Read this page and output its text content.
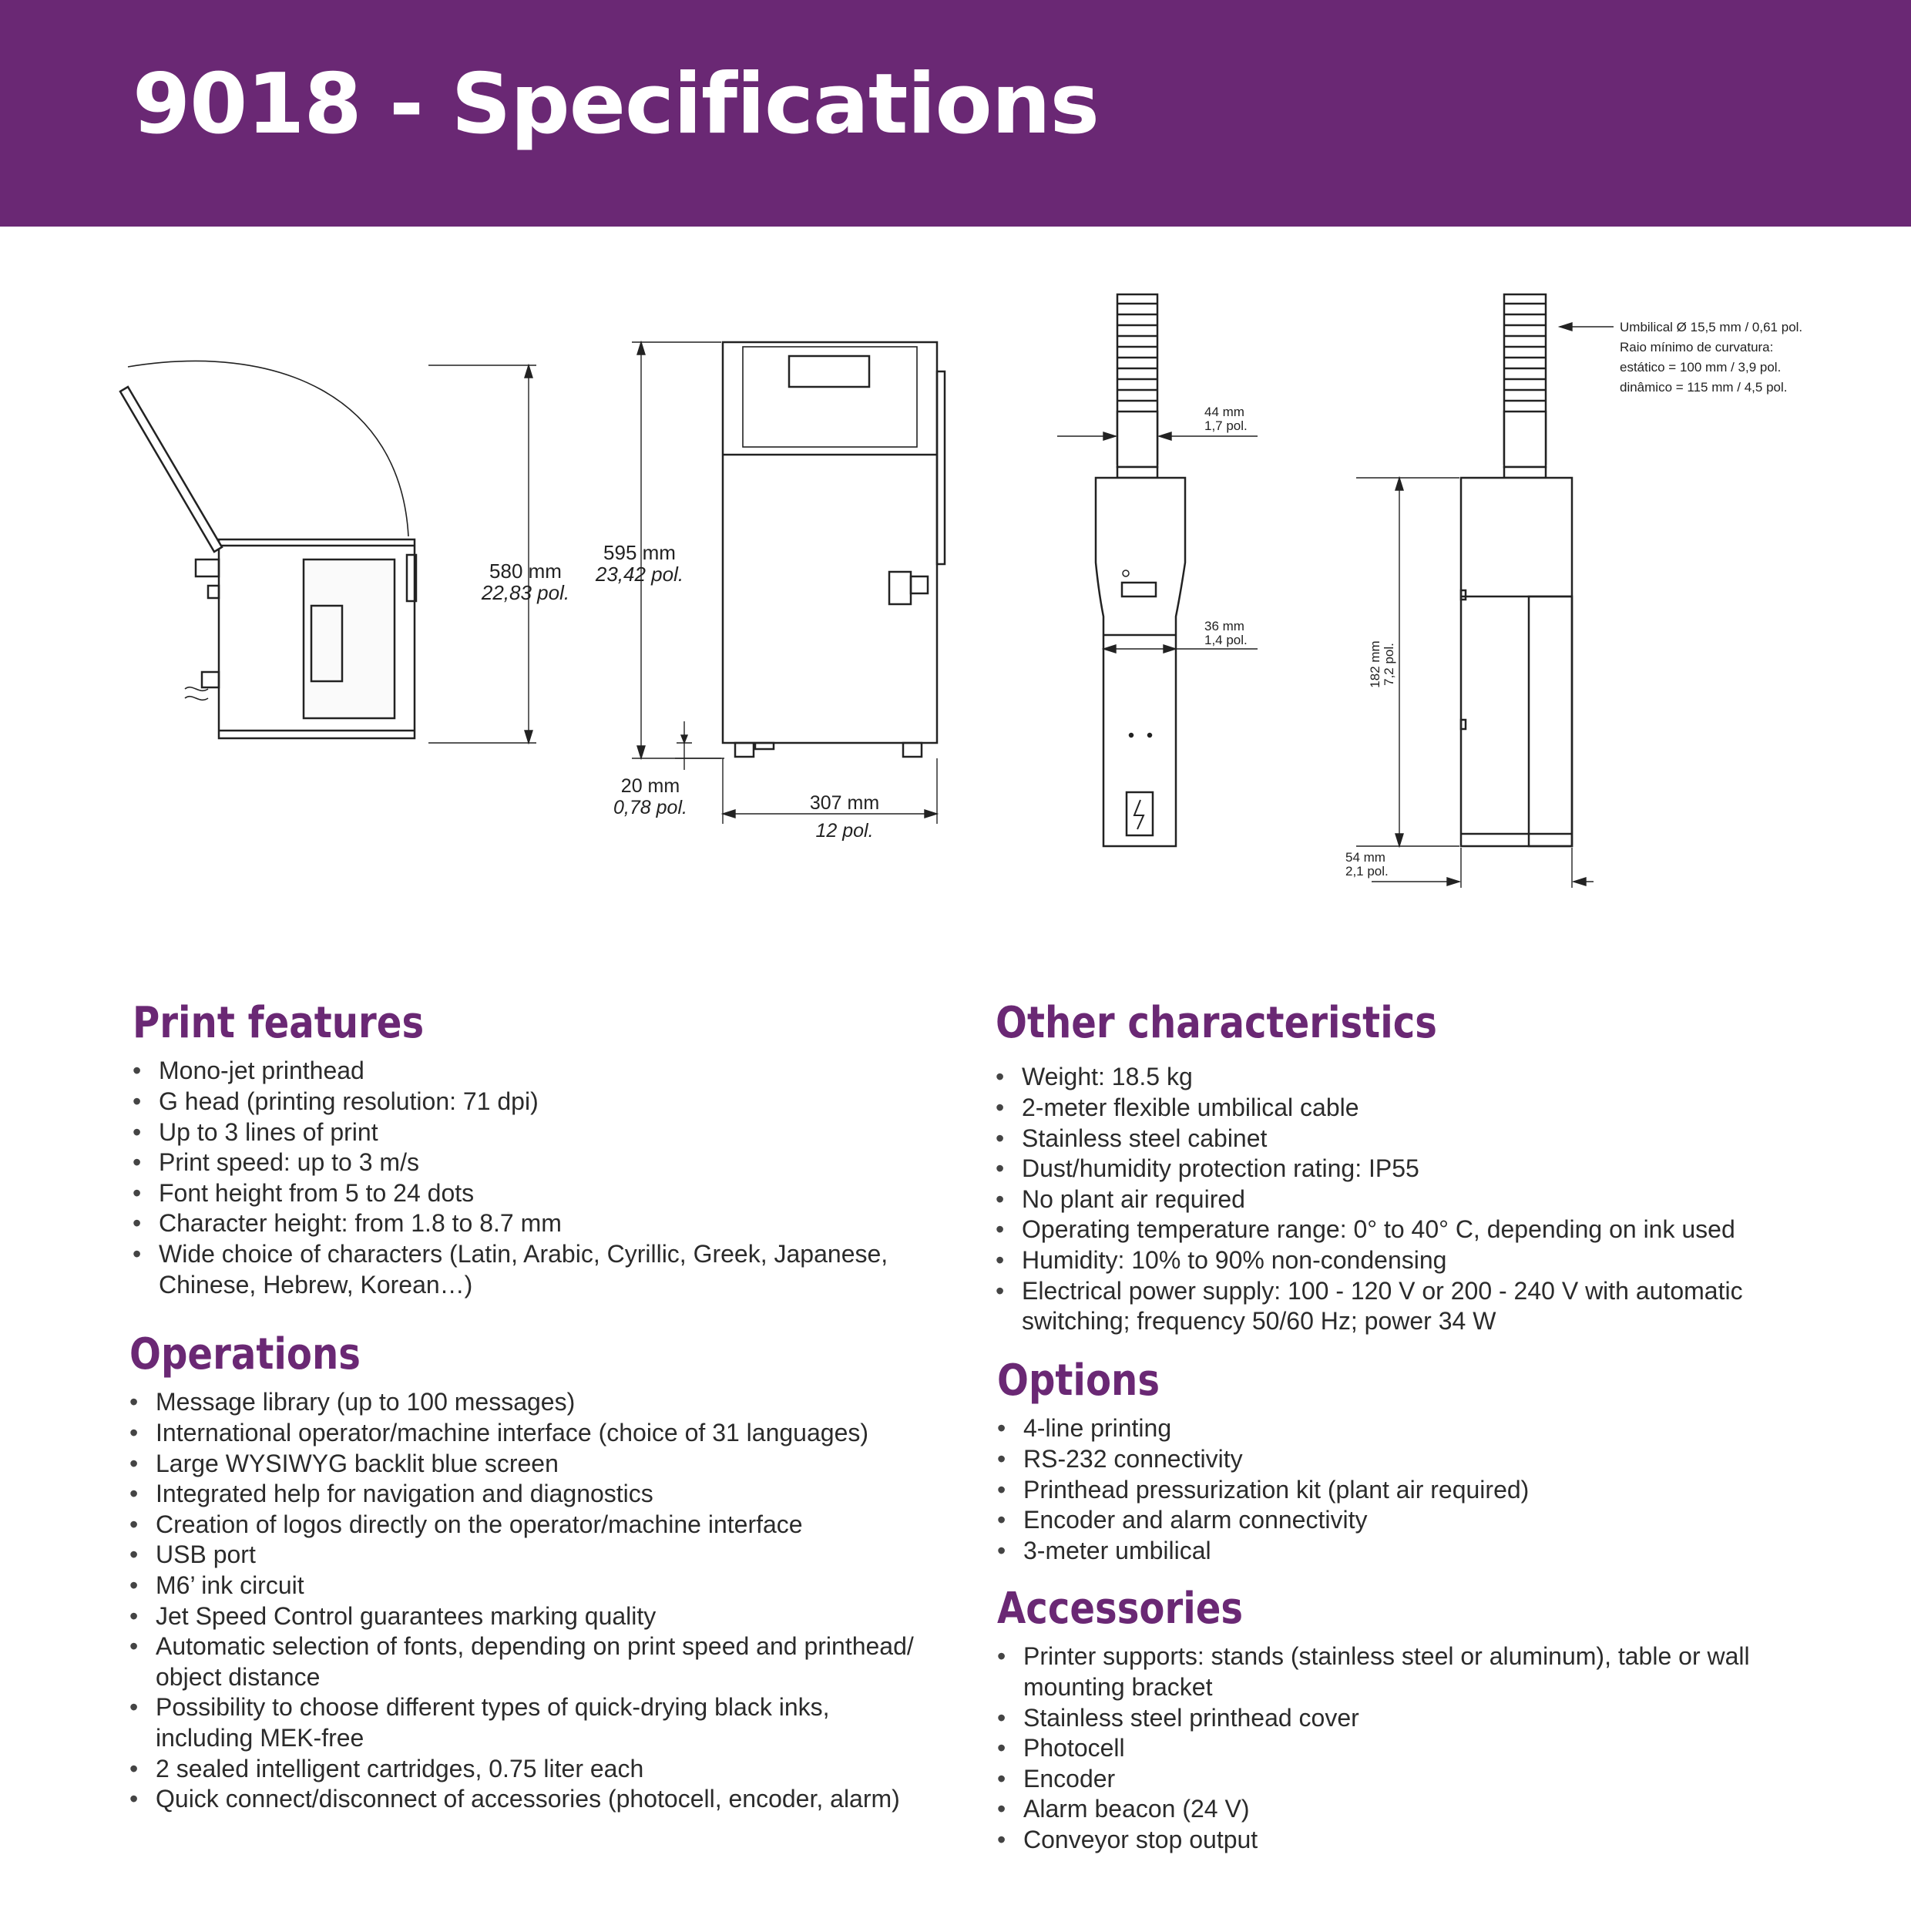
9018 - Specifications
580 mm
22,83 pol.
595 mm
23,42 pol.
20 mm
0,78 pol.	307 mm
12 pol.
44 mm
1,7 pol.
36 mm
1,4 pol.
182 mm 7,2 pol.
54 mm
2,1 pol.
Umbilical Ø 15,5 mm / 0,61 pol.
Raio mínimo de curvatura:
estático = 100 mm / 3,9 pol.
dinâmico = 115 mm / 4,5 pol.
Print features
• Mono-jet printhead
• G head (printing resolution: 71 dpi)
• Up to 3 lines of print
• Print speed: up to 3 m/s
• Font height from 5 to 24 dots
• Character height: from 1.8 to 8.7 mm
• Wide choice of characters (Latin, Arabic, Cyrillic, Greek, Japanese, Chinese, Hebrew, Korean…)
Operations
• Message library (up to 100 messages)
• International operator/machine interface (choice of 31 languages)
• Large WYSIWYG backlit blue screen
• Integrated help for navigation and diagnostics
• Creation of logos directly on the operator/machine interface
• USB port
• M6’ ink circuit
• Jet Speed Control guarantees marking quality
• Automatic selection of fonts, depending on print speed and printhead/ object distance
• Possibility to choose different types of quick-drying black inks, including MEK-free
• 2 sealed intelligent cartridges, 0.75 liter each
• Quick connect/disconnect of accessories (photocell, encoder, alarm)
Other characteristics
• Weight: 18.5 kg
• 2-meter flexible umbilical cable
• Stainless steel cabinet
• Dust/humidity protection rating: IP55
• No plant air required
• Operating temperature range: 0° to 40° C, depending on ink used
• Humidity: 10% to 90% non-condensing
• Electrical power supply: 100 - 120 V or 200 - 240 V with automatic switching; frequency 50/60 Hz; power 34 W
Options
• 4-line printing
• RS-232 connectivity
• Printhead pressurization kit (plant air required)
• Encoder and alarm connectivity
• 3-meter umbilical
Accessories
• Printer supports: stands (stainless steel or aluminum), table or wall mounting bracket
• Stainless steel printhead cover
• Photocell
• Encoder
• Alarm beacon (24 V)
• Conveyor stop output
